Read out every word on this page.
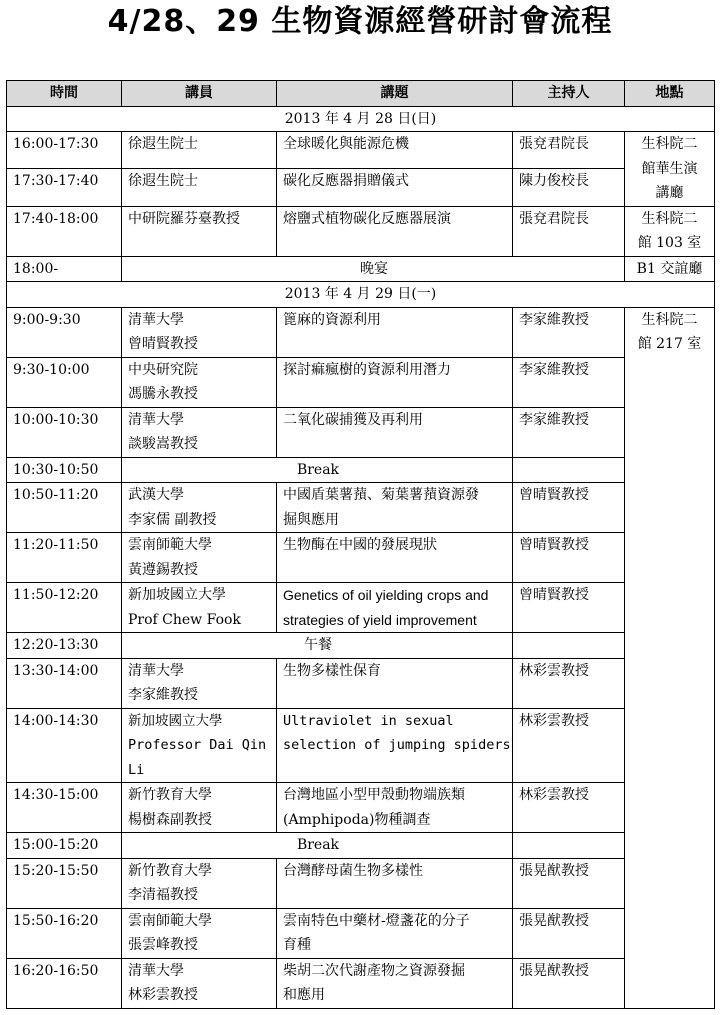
4/28、29 生物資源經營研討會流程
時間	講員	講題	主持人	地點
2013 年 4 月 28 日(日)				
16:00-17:30	徐遐生院士	全球暖化與能源危機	張兗君院長	生科院二
館華生演
講廳

17:30-17:40	徐遐生院士	碳化反應器捐贈儀式	陳力俊校長	
17:40-18:00	中研院羅芬臺教授	熔鹽式植物碳化反應器展演	張兗君院長	生科院二
館 103 室

18:00-	晚宴			B1 交誼廳
2013 年 4 月 29 日(一)				
9:00-9:30	清華大學
曾晴賢教授	篦麻的資源利用	李家維教授	生科院二
館 217 室

9:30-10:00	中央研究院
馮騰永教授	探討痲瘋樹的資源利用潛力	李家維教授	
10:00-10:30	清華大學
談駿嵩教授	二氧化碳捕獲及再利用	李家維教授	
10:30-10:50	Break			
10:50-11:20	武漢大學
李家儒 副教授	中國盾葉薯蕷、菊葉薯蕷資源發
掘與應用	曾晴賢教授	
11:20-11:50	雲南師範大學
黃遵錫教授	生物酶在中國的發展現狀	曾晴賢教授	
11:50-12:20	新加坡國立大學
Prof Chew Fook	Genetics of oil yielding crops and
strategies of yield improvement	曾晴賢教授	
12:20-13:30	午餐			
13:30-14:00	清華大學
李家維教授	生物多樣性保育	林彩雲教授	
14:00-14:30	新加坡國立大學
Professor Dai Qin
Li	Ultraviolet in sexual
selection of jumping spiders	林彩雲教授	
14:30-15:00	新竹教育大學
楊樹森副教授	台灣地區小型甲殼動物端族類
(Amphipoda)物種調查	林彩雲教授	
15:00-15:20	Break			
15:20-15:50	新竹教育大學
李清福教授	台灣酵母菌生物多樣性	張晃猷教授	
15:50-16:20	雲南師範大學
張雲峰教授	雲南特色中藥材-燈盞花的分子
育種	張晃猷教授	
16:20-16:50	清華大學
林彩雲教授	柴胡二次代謝產物之資源發掘
和應用	張晃猷教授	
